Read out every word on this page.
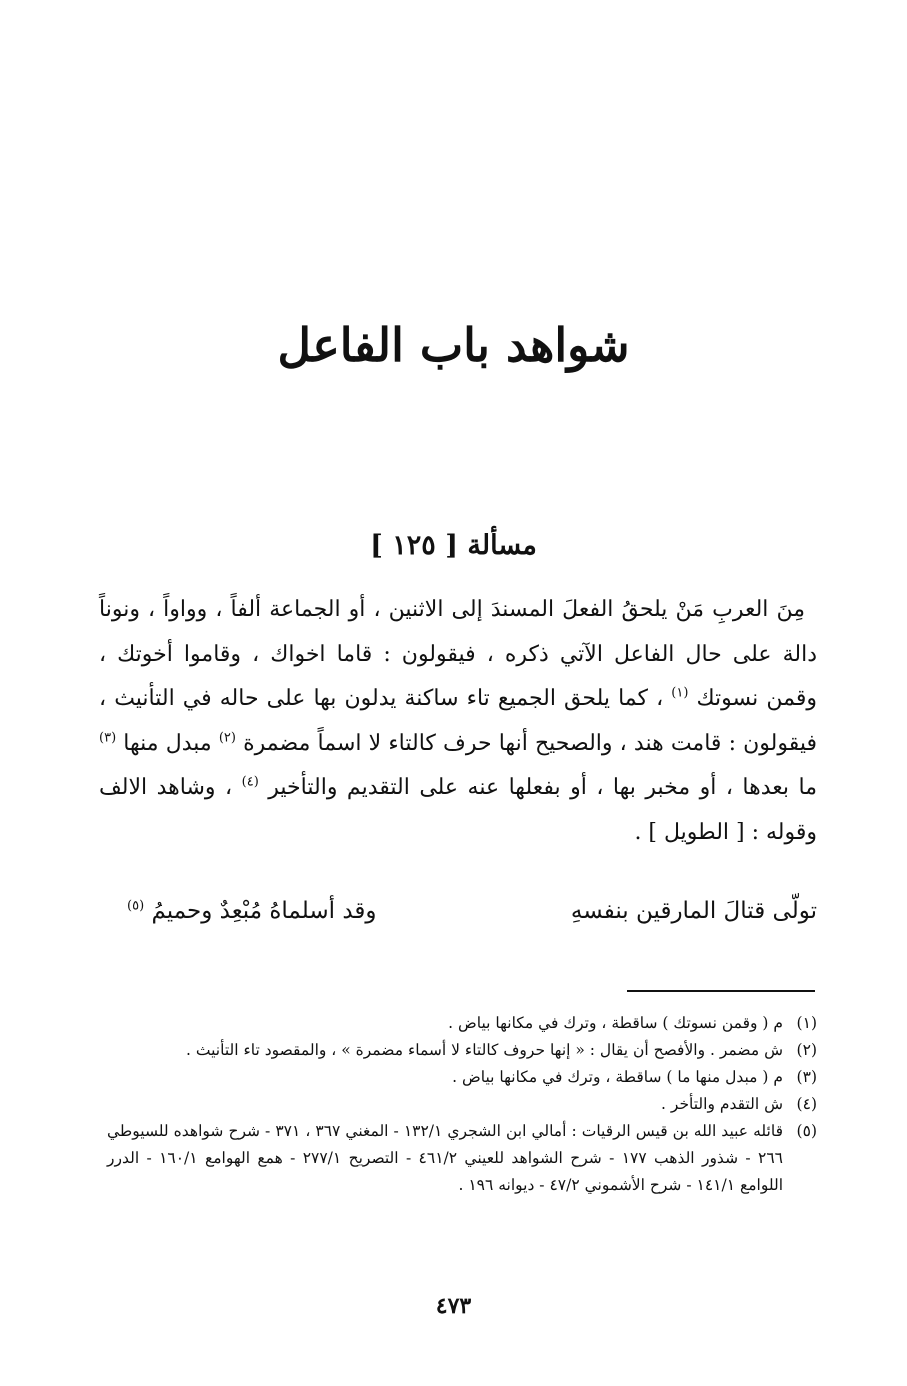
شواهد باب الفاعل
مسألة [ ١٢٥ ]

مِنَ العربِ مَنْ يلحقُ الفعلَ المسندَ إلى الاثنين ، أو الجماعة ألفاً ، وواواً ، ونوناً دالة على حال الفاعل الآتي ذكره ، فيقولون : قاما اخواك ، وقاموا أخوتك ، وقمن نسوتك $^{(١)}$ ، كما يلحق الجميع تاء ساكنة يدلون بها على حاله في التأنيث ، فيقولون : قامت هند ، والصحيح أنها حرف كالتاء لا اسماً مضمرة $^{(٢)}$ مبدل منها $^{(٣)}$ ما بعدها ، أو مخبر بها ، أو بفعلها عنه على التقديم والتأخير $^{(٤)}$ ، وشاهد الالف وقوله : [ الطويل ] .

تولّى قتالَ المارقين بنفسهِ
وقد أسلماهُ مُبْعِدٌ وحميمُ $^{(٥)}$
(١)
م ( وقمن نسوتك ) ساقطة ، وترك في مكانها بياض .
(٢)
ش مضمر . والأفصح أن يقال : « إنها حروف كالتاء لا أسماء مضمرة » ، والمقصود تاء التأنيث .
(٣)
م ( مبدل منها ما ) ساقطة ، وترك في مكانها بياض .
(٤)
ش التقدم والتأخر .
(٥)
قائله عبيد الله بن قيس الرقيات : أمالي ابن الشجري ١٣٢/١ - المغني ٣٦٧ ، ٣٧١ - شرح شواهده للسيوطي ٢٦٦ - شذور الذهب ١٧٧ - شرح الشواهد للعيني ٤٦١/٢ - التصريح ٢٧٧/١ - همع الهوامع ١٦٠/١ - الدرر اللوامع ١٤١/١ - شرح الأشموني ٤٧/٢ - ديوانه ١٩٦ .
٤٧٣
